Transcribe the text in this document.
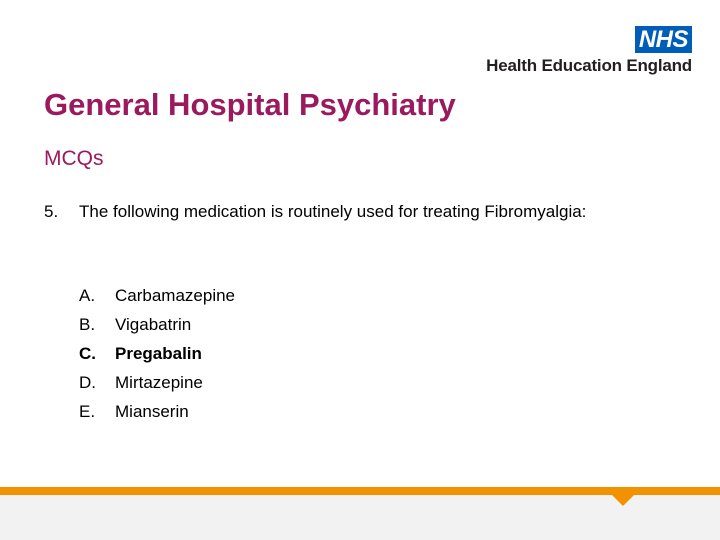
NHS
Health Education England
General Hospital Psychiatry
MCQs
5. The following medication is routinely used for treating Fibromyalgia:
A. Carbamazepine
B. Vigabatrin
C. Pregabalin
D. Mirtazepine
E. Mianserin
